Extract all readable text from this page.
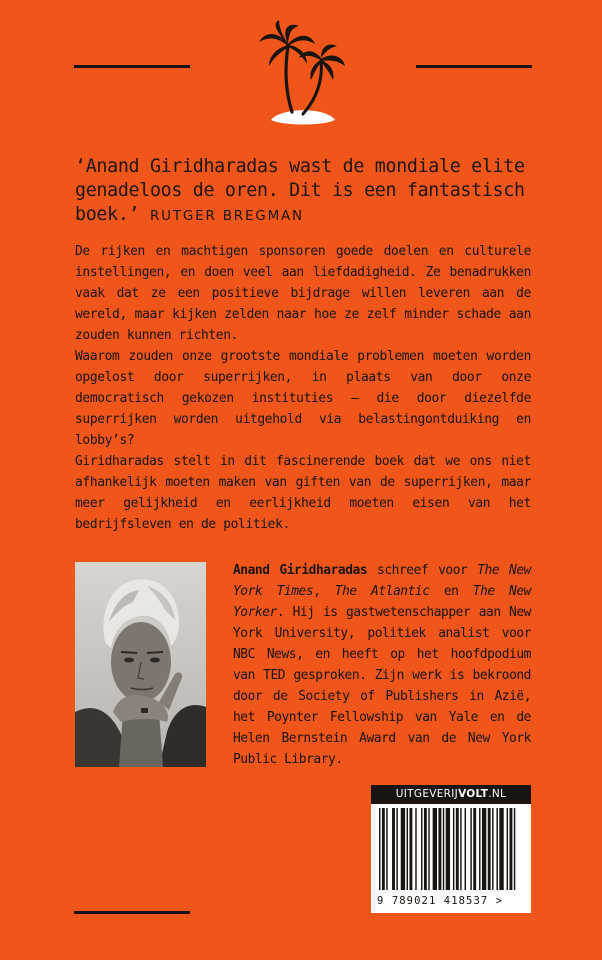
‘Anand Giridharadas wast de mondiale elite genadeloos de oren. Dit is een fantastisch boek.’ RUTGER BREGMAN

De rijken en machtigen sponsoren goede doelen en culturele instellingen, en doen veel aan liefdadigheid. Ze benadrukken vaak dat ze een positieve bijdrage willen leveren aan de wereld, maar kijken zelden naar hoe ze zelf minder schade aan zouden kunnen richten.

Waarom zouden onze grootste mondiale problemen moeten worden opgelost door superrijken, in plaats van door onze democratisch gekozen instituties – die door diezelfde superrijken worden uitgehold via belastingontduiking en lobby’s?

Giridharadas stelt in dit fascinerende boek dat we ons niet afhankelijk moeten maken van giften van de superrijken, maar meer gelijkheid en eerlijkheid moeten eisen van het bedrijfsleven en de politiek.

Anand Giridharadas schreef voor The New York Times, The Atlantic en The New Yorker. Hij is gastwetenschapper aan New York University, politiek analist voor NBC News, en heeft op het hoofdpodium van TED gesproken. Zijn werk is bekroond door de Society of Publishers in Azië, het Poynter Fellowship van Yale en de Helen Bernstein Award van de New York Public Library.
UITGEVERIJVOLT.NL
9 789021 418537 >
